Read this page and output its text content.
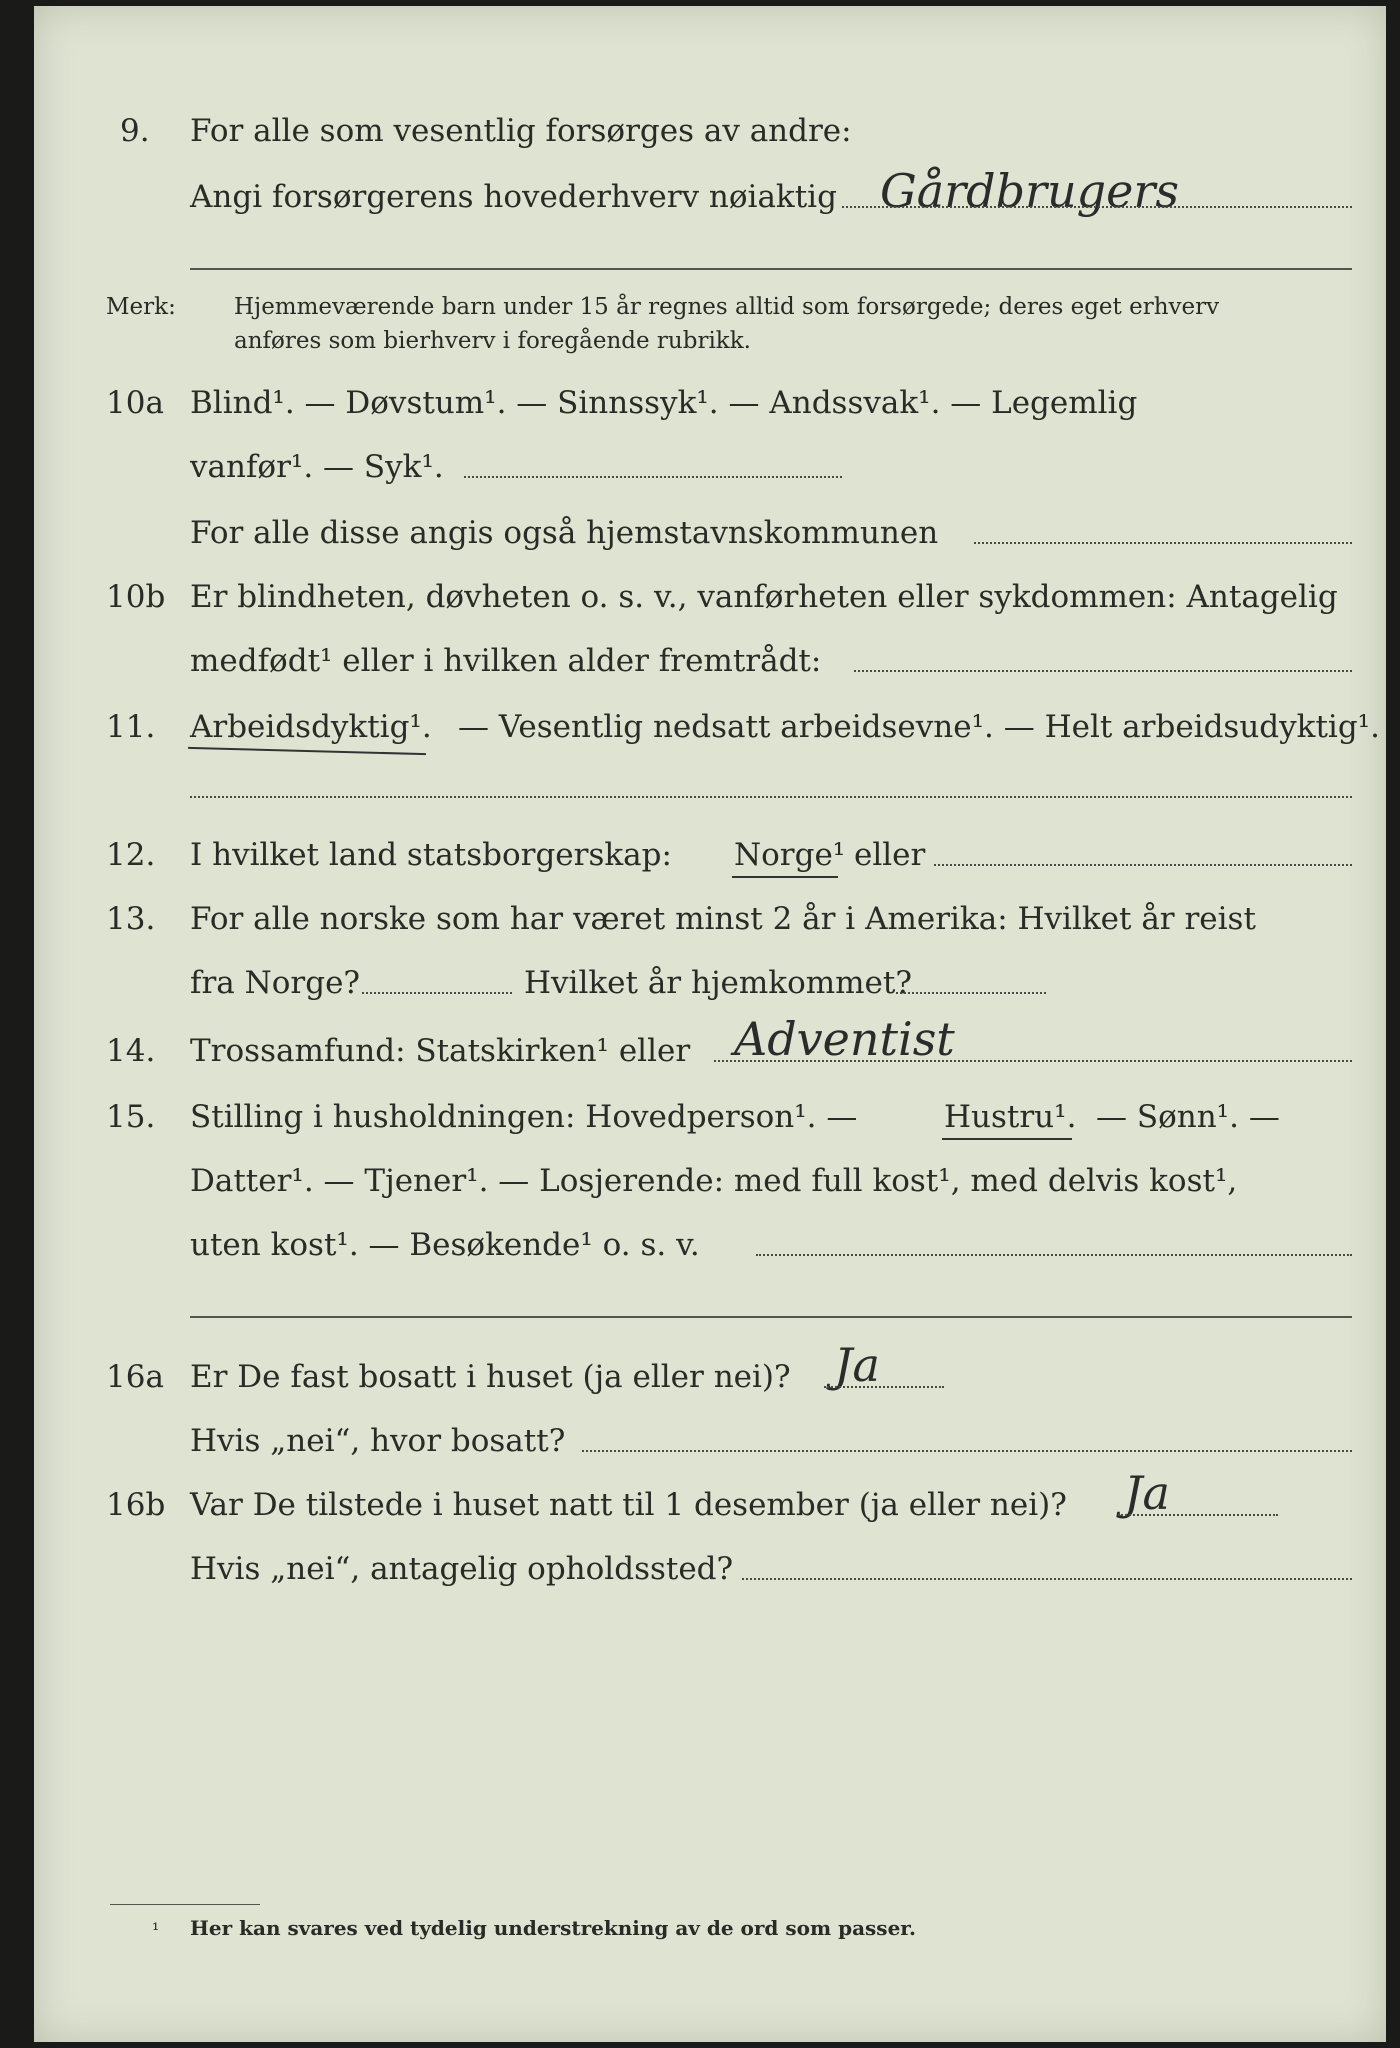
9. For alle som vesentlig forsørges av andre:
Angi forsørgerens hovederhverv nøiaktig Gårdbrugers
Merk:	Hjemmeværende barn under 15 år regnes alltid som forsørgede; deres eget erhverv
anføres som bierhverv i foregående rubrikk.
10a Blind¹. — Døvstum¹. — Sinnssyk¹. — Andssvak¹. — Legemlig
vanfør¹. — Syk¹.
For alle disse angis også hjemstavnskommunen
10b Er blindheten, døvheten o. s. v., vanførheten eller sykdommen: Antagelig
medfødt¹ eller i hvilken alder fremtrådt:
11. Arbeidsdyktig¹. — Vesentlig nedsatt arbeidsevne¹. — Helt arbeidsudyktig¹.
12. I hvilket land statsborgerskap: Norge¹ eller
13. For alle norske som har været minst 2 år i Amerika: Hvilket år reist
fra Norge?	Hvilket år hjemkommet?
14. Trossamfund: Statskirken¹ eller Adventist
15. Stilling i husholdningen: Hovedperson¹. —	Hustru¹. — Sønn¹. —
Datter¹. — Tjener¹. — Losjerende: med full kost¹, med delvis kost¹,
uten kost¹. — Besøkende¹ o. s. v.
16a Er De fast bosatt i huset (ja eller nei)? Ja
Hvis „nei“, hvor bosatt?
16b Var De tilstede i huset natt til 1 desember (ja eller nei)? Ja
Hvis „nei“, antagelig opholdssted?
¹ Her kan svares ved tydelig understrekning av de ord som passer.
